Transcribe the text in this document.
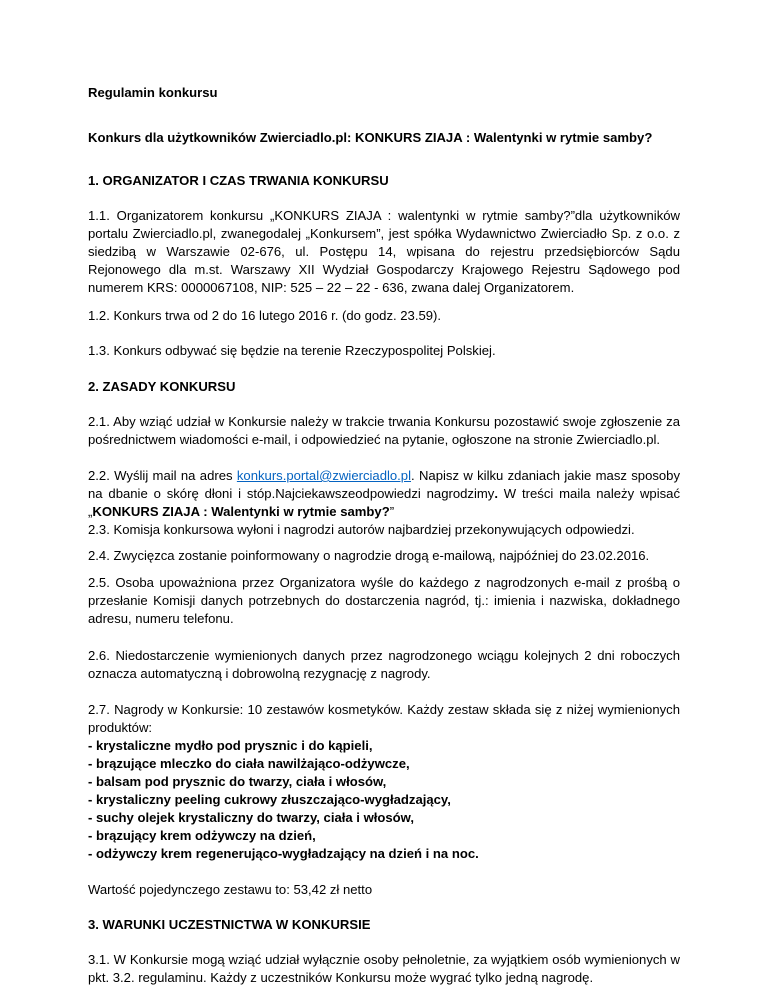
Regulamin konkursu

Konkurs dla użytkowników Zwierciadlo.pl: KONKURS ZIAJA : Walentynki w rytmie samby?

1. ORGANIZATOR I CZAS TRWANIA KONKURSU

1.1. Organizatorem konkursu „KONKURS ZIAJA : walentynki w rytmie samby?”dla użytkowników portalu Zwierciadlo.pl, zwanegodalej „Konkursem”, jest spółka Wydawnictwo Zwierciadło Sp. z o.o. z siedzibą w Warszawie 02-676, ul. Postępu 14, wpisana do rejestru przedsiębiorców Sądu Rejonowego dla m.st. Warszawy XII Wydział Gospodarczy Krajowego Rejestru Sądowego pod numerem KRS: 0000067108, NIP: 525 – 22 – 22 - 636, zwana dalej Organizatorem.

1.2. Konkurs trwa od 2 do 16 lutego 2016 r. (do godz. 23.59).

1.3. Konkurs odbywać się będzie na terenie Rzeczypospolitej Polskiej.

2. ZASADY KONKURSU

2.1. Aby wziąć udział w Konkursie należy w trakcie trwania Konkursu pozostawić swoje zgłoszenie za pośrednictwem wiadomości e-mail, i odpowiedzieć na pytanie, ogłoszone na stronie Zwierciadlo.pl.

2.2. Wyślij mail na adres konkurs.portal@zwierciadlo.pl. Napisz w kilku zdaniach jakie masz sposoby na dbanie o skórę dłoni i stóp.Najciekawszeodpowiedzi nagrodzimy. W treści maila należy wpisać „KONKURS ZIAJA : Walentynki w rytmie samby?”

2.3. Komisja konkursowa wyłoni i nagrodzi autorów najbardziej przekonywujących odpowiedzi.

2.4. Zwycięzca zostanie poinformowany o nagrodzie drogą e-mailową, najpóźniej do 23.02.2016.

2.5. Osoba upoważniona przez Organizatora wyśle do każdego z nagrodzonych e-mail z prośbą o przesłanie Komisji danych potrzebnych do dostarczenia nagród, tj.: imienia i nazwiska, dokładnego adresu, numeru telefonu.

2.6. Niedostarczenie wymienionych danych przez nagrodzonego wciągu kolejnych 2 dni roboczych oznacza automatyczną i dobrowolną rezygnację z nagrody.

2.7. Nagrody w Konkursie: 10 zestawów kosmetyków. Każdy zestaw składa się z niżej wymienionych produktów:

- krystaliczne mydło pod prysznic i do kąpieli,
- brązujące mleczko do ciała nawilżająco-odżywcze,
- balsam pod prysznic do twarzy, ciała i włosów,
- krystaliczny peeling cukrowy złuszczająco-wygładzający,
- suchy olejek krystaliczny do twarzy, ciała i włosów,
- brązujący krem odżywczy na dzień,
- odżywczy krem regenerująco-wygładzający na dzień i na noc.

Wartość pojedynczego zestawu to: 53,42 zł netto

3. WARUNKI UCZESTNICTWA W KONKURSIE

3.1. W Konkursie mogą wziąć udział wyłącznie osoby pełnoletnie, za wyjątkiem osób wymienionych w pkt. 3.2. regulaminu. Każdy z uczestników Konkursu może wygrać tylko jedną nagrodę.
